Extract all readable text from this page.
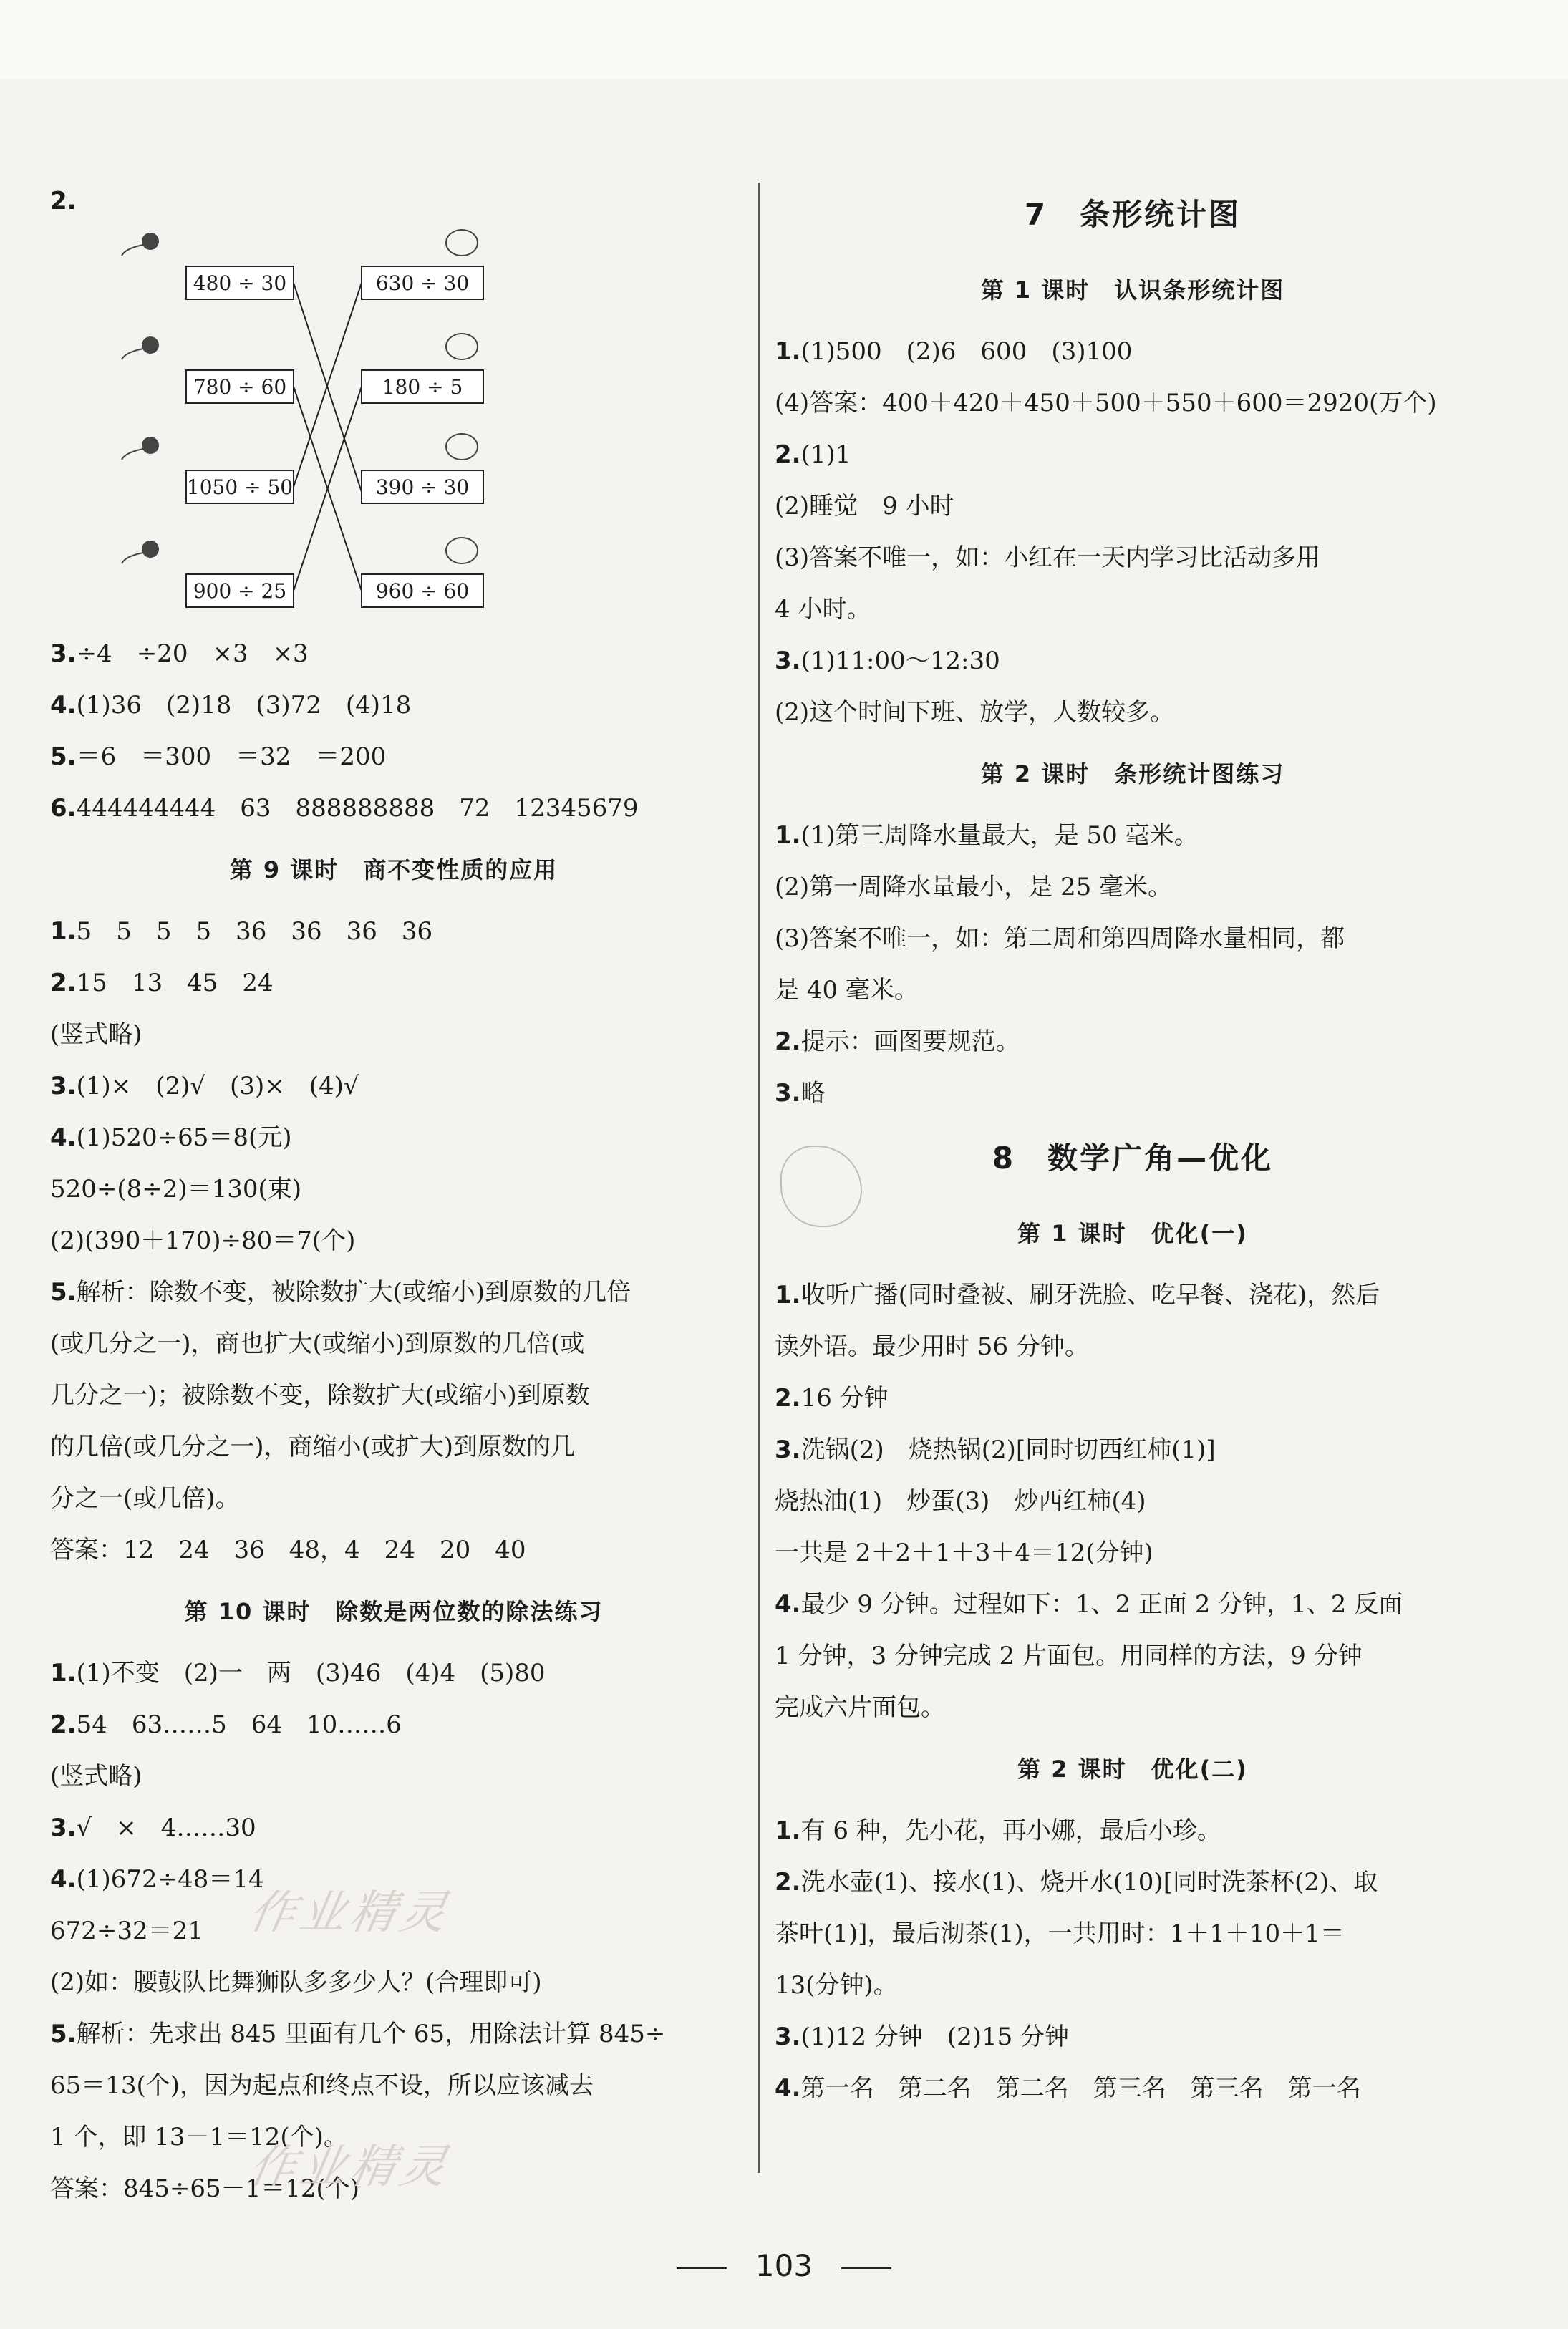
2.
480 ÷ 30
780 ÷ 60
1050 ÷ 50
900 ÷ 25
630 ÷ 30
180 ÷ 5
390 ÷ 30
960 ÷ 60
3.÷4　÷20　×3　×3
4.(1)36　(2)18　(3)72　(4)18
5.＝6　＝300　＝32　＝200
6.444444444　63　888888888　72　12345679
第 9 课时　商不变性质的应用
1.5　5　5　5　36　36　36　36
2.15　13　45　24
(竖式略)
3.(1)×　(2)√　(3)×　(4)√
4.(1)520÷65＝8(元)
520÷(8÷2)＝130(束)
(2)(390＋170)÷80＝7(个)
5.解析：除数不变，被除数扩大(或缩小)到原数的几倍
(或几分之一)，商也扩大(或缩小)到原数的几倍(或
几分之一)；被除数不变，除数扩大(或缩小)到原数
的几倍(或几分之一)，商缩小(或扩大)到原数的几
分之一(或几倍)。
答案：12　24　36　48，4　24　20　40
第 10 课时　除数是两位数的除法练习
1.(1)不变　(2)一　两　(3)46　(4)4　(5)80
2.54　63……5　64　10……6
(竖式略)
3.√　×　4……30
4.(1)672÷48＝14
672÷32＝21
(2)如：腰鼓队比舞狮队多多少人？(合理即可)
5.解析：先求出 845 里面有几个 65，用除法计算 845÷
65＝13(个)，因为起点和终点不设，所以应该减去
1 个，即 13－1＝12(个)。
答案：845÷65－1＝12(个)
7　条形统计图
第 1 课时　认识条形统计图
1.(1)500　(2)6　600　(3)100
(4)答案：400＋420＋450＋500＋550＋600＝2920(万个)
2.(1)1
(2)睡觉　9 小时
(3)答案不唯一，如：小红在一天内学习比活动多用
4 小时。
3.(1)11:00～12:30
(2)这个时间下班、放学，人数较多。
第 2 课时　条形统计图练习
1.(1)第三周降水量最大，是 50 毫米。
(2)第一周降水量最小，是 25 毫米。
(3)答案不唯一，如：第二周和第四周降水量相同，都
是 40 毫米。
2.提示：画图要规范。
3.略
8　数学广角—优化
第 1 课时　优化(一)
1.收听广播(同时叠被、刷牙洗脸、吃早餐、浇花)，然后
读外语。最少用时 56 分钟。
2.16 分钟
3.洗锅(2)　烧热锅(2)[同时切西红柿(1)]
烧热油(1)　炒蛋(3)　炒西红柿(4)
一共是 2＋2＋1＋3＋4＝12(分钟)
4.最少 9 分钟。过程如下：1、2 正面 2 分钟，1、2 反面
1 分钟，3 分钟完成 2 片面包。用同样的方法，9 分钟
完成六片面包。
第 2 课时　优化(二)
1.有 6 种，先小花，再小娜，最后小珍。
2.洗水壶(1)、接水(1)、烧开水(10)[同时洗茶杯(2)、取
茶叶(1)]，最后沏茶(1)，一共用时：1＋1＋10＋1＝
13(分钟)。
3.(1)12 分钟　(2)15 分钟
4.第一名　第二名　第二名　第三名　第三名　第一名
作业精灵
作业精灵
103
